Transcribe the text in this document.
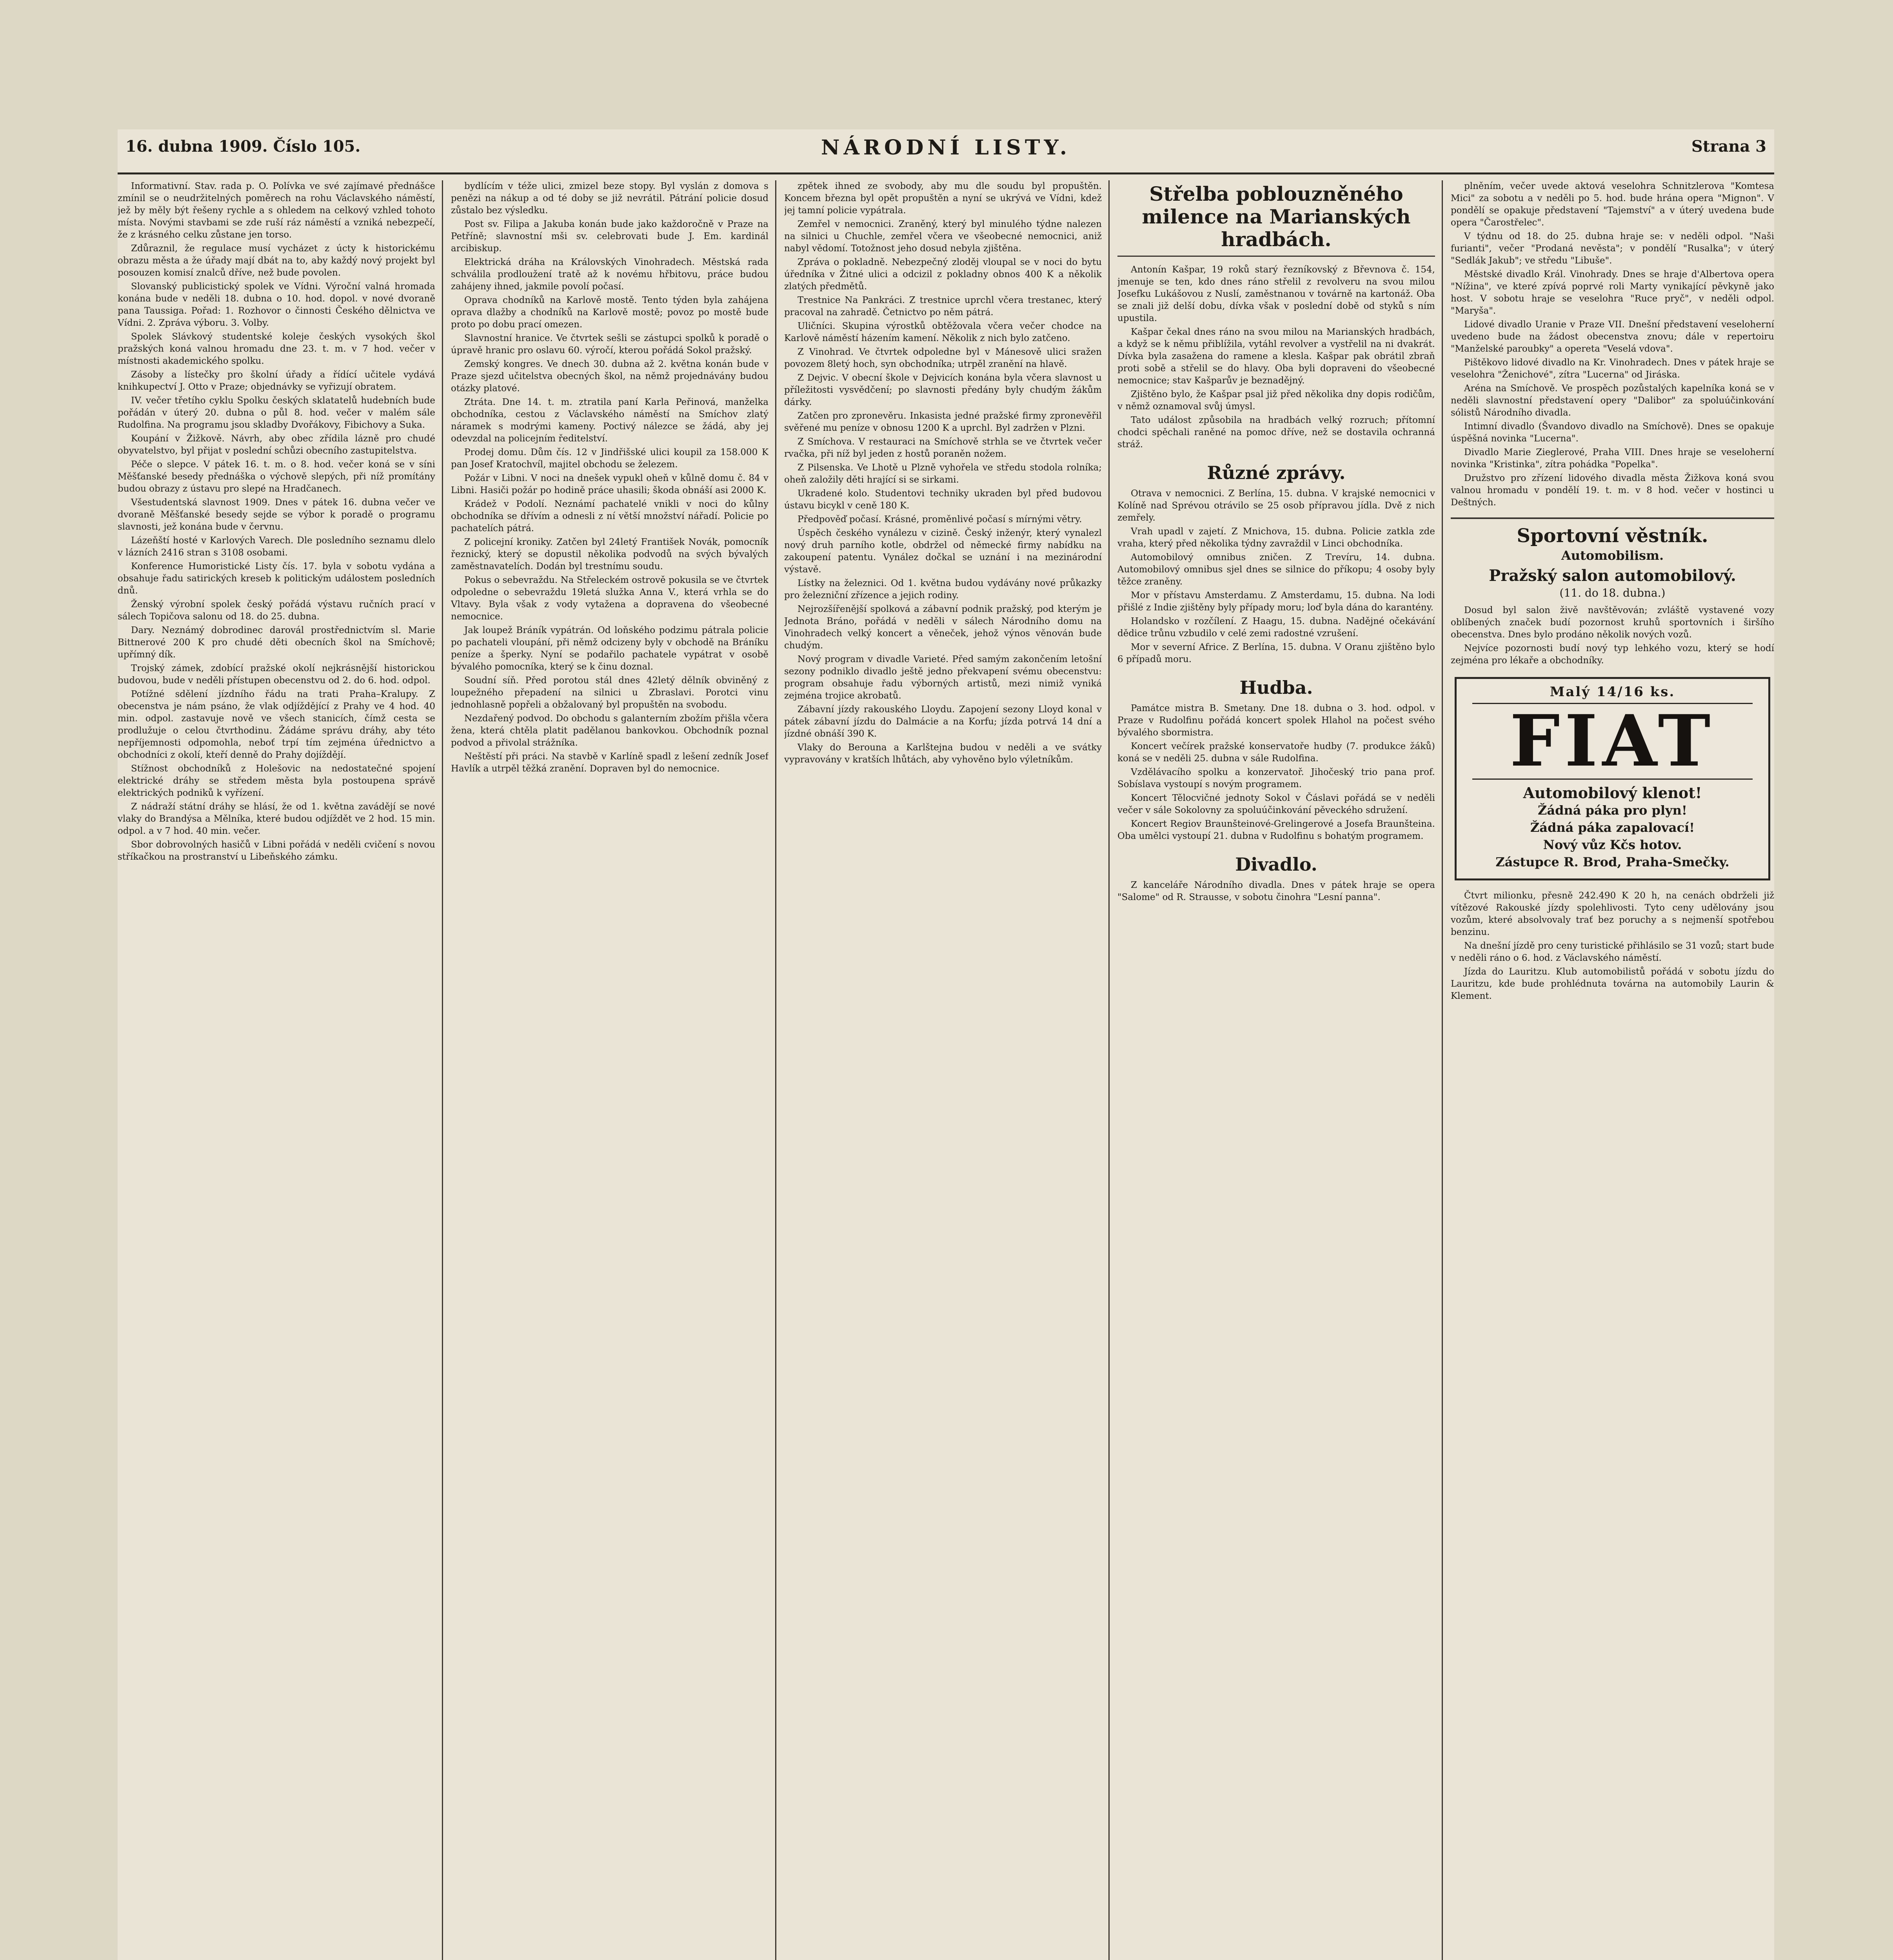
16. dubna 1909. Číslo 105.	NÁRODNÍ LISTY.	Strana 3

Informativní. Stav. rada p. O. Polívka ve své zajímavé přednášce zmínil se o neudržitelných poměrech na rohu Václavského náměstí, jež by měly být řešeny rychle a s ohledem na celkový vzhled tohoto místa. Novými stavbami se zde ruší ráz náměstí a vzniká nebezpečí, že z krásného celku zůstane jen torso.

Zdůraznil, že regulace musí vycházet z úcty k historickému obrazu města a že úřady mají dbát na to, aby každý nový projekt byl posouzen komisí znalců dříve, než bude povolen.

Slovanský publicistický spolek ve Vídni. Výroční valná hromada konána bude v neděli 18. dubna o 10. hod. dopol. v nové dvoraně pana Taussiga. Pořad: 1. Rozhovor o činnosti Českého dělnictva ve Vídni. 2. Zpráva výboru. 3. Volby.

Spolek Slávkový studentské koleje českých vysokých škol pražských koná valnou hromadu dne 23. t. m. v 7 hod. večer v místnosti akademického spolku.

Zásoby a lístečky pro školní úřady a řídící učitele vydává knihkupectví J. Otto v Praze; objednávky se vyřizují obratem.

IV. večer třetího cyklu Spolku českých sklatatelů hudebních bude pořádán v úterý 20. dubna o půl 8. hod. večer v malém sále Rudolfina. Na programu jsou skladby Dvořákovy, Fibichovy a Suka.

Koupání v Žižkově. Návrh, aby obec zřídila lázně pro chudé obyvatelstvo, byl přijat v poslední schůzi obecního zastupitelstva.

Péče o slepce. V pátek 16. t. m. o 8. hod. večer koná se v síni Měšťanské besedy přednáška o výchově slepých, při níž promítány budou obrazy z ústavu pro slepé na Hradčanech.

Všestudentská slavnost 1909. Dnes v pátek 16. dubna večer ve dvoraně Měšťanské besedy sejde se výbor k poradě o programu slavnosti, jež konána bude v červnu.

Lázeňští hosté v Karlových Varech. Dle posledního seznamu dlelo v lázních 2416 stran s 3108 osobami.

Konference Humoristické Listy čís. 17. byla v sobotu vydána a obsahuje řadu satirických kreseb k politickým událostem posledních dnů.

Ženský výrobní spolek český pořádá výstavu ručních prací v sálech Topičova salonu od 18. do 25. dubna.

Dary. Neznámý dobrodinec darovál prostřednictvím sl. Marie Bittnerové 200 K pro chudé děti obecních škol na Smíchově; upřímný dík.

Trojský zámek, zdobící pražské okolí nejkrásnější historickou budovou, bude v neděli přístupen obecenstvu od 2. do 6. hod. odpol.

Potížné sdělení jízdního řádu na trati Praha–Kralupy. Z obecenstva je nám psáno, že vlak odjíždějící z Prahy ve 4 hod. 40 min. odpol. zastavuje nově ve všech stanicích, čímž cesta se prodlužuje o celou čtvrthodinu. Žádáme správu dráhy, aby této nepříjemnosti odpomohla, neboť trpí tím zejména úřednictvo a obchodníci z okolí, kteří denně do Prahy dojíždějí.

Stížnost obchodníků z Holešovic na nedostatečné spojení elektrické dráhy se středem města byla postoupena správě elektrických podniků k vyřízení.

Z nádraží státní dráhy se hlásí, že od 1. května zavádějí se nové vlaky do Brandýsa a Mělníka, které budou odjíždět ve 2 hod. 15 min. odpol. a v 7 hod. 40 min. večer.

Sbor dobrovolných hasičů v Libni pořádá v neděli cvičení s novou stříkačkou na prostranství u Libeňského zámku.

bydlícím v téže ulici, zmizel beze stopy. Byl vyslán z domova s penězi na nákup a od té doby se již nevrátil. Pátrání policie dosud zůstalo bez výsledku.

Post sv. Filipa a Jakuba konán bude jako každoročně v Praze na Petříně; slavnostní mši sv. celebrovati bude J. Em. kardinál arcibiskup.

Elektrická dráha na Královských Vinohradech. Městská rada schválila prodloužení tratě až k novému hřbitovu, práce budou zahájeny ihned, jakmile povolí počasí.

Oprava chodníků na Karlově mostě. Tento týden byla zahájena oprava dlažby a chodníků na Karlově mostě; povoz po mostě bude proto po dobu prací omezen.

Slavnostní hranice. Ve čtvrtek sešli se zástupci spolků k poradě o úpravě hranic pro oslavu 60. výročí, kterou pořádá Sokol pražský.

Zemský kongres. Ve dnech 30. dubna až 2. května konán bude v Praze sjezd učitelstva obecných škol, na němž projednávány budou otázky platové.

Ztráta. Dne 14. t. m. ztratila paní Karla Peřinová, manželka obchodníka, cestou z Václavského náměstí na Smíchov zlatý náramek s modrými kameny. Poctivý nálezce se žádá, aby jej odevzdal na policejním ředitelství.

Prodej domu. Dům čís. 12 v Jindřišské ulici koupil za 158.000 K pan Josef Kratochvíl, majitel obchodu se železem.

Požár v Libni. V noci na dnešek vypukl oheň v kůlně domu č. 84 v Libni. Hasiči požár po hodině práce uhasili; škoda obnáší asi 2000 K.

Krádež v Podolí. Neznámí pachatelé vnikli v noci do kůlny obchodníka se dřívím a odnesli z ní větší množství nářadí. Policie po pachatelích pátrá.

Z policejní kroniky. Zatčen byl 24letý František Novák, pomocník řeznický, který se dopustil několika podvodů na svých bývalých zaměstnavatelích. Dodán byl trestnímu soudu.

Pokus o sebevraždu. Na Střeleckém ostrově pokusila se ve čtvrtek odpoledne o sebevraždu 19letá služka Anna V., která vrhla se do Vltavy. Byla však z vody vytažena a dopravena do všeobecné nemocnice.

Jak loupež Bráník vypátrán. Od loňského podzimu pátrala policie po pachateli vloupání, při němž odcizeny byly v obchodě na Bráníku peníze a šperky. Nyní se podařilo pachatele vypátrat v osobě bývalého pomocníka, který se k činu doznal.

Soudní síň. Před porotou stál dnes 42letý dělník obviněný z loupežného přepadení na silnici u Zbraslavi. Porotci vinu jednohlasně popřeli a obžalovaný byl propuštěn na svobodu.

Nezdařený podvod. Do obchodu s galanterním zbožím přišla včera žena, která chtěla platit padělanou bankovkou. Obchodník poznal podvod a přivolal strážníka.

Neštěstí při práci. Na stavbě v Karlíně spadl z lešení zedník Josef Havlík a utrpěl těžká zranění. Dopraven byl do nemocnice.

zpětek ihned ze svobody, aby mu dle soudu byl propuštěn. Koncem března byl opět propuštěn a nyní se ukrývá ve Vídni, kdež jej tamní policie vypátrala.

Zemřel v nemocnici. Zraněný, který byl minulého týdne nalezen na silnici u Chuchle, zemřel včera ve všeobecné nemocnici, aniž nabyl vědomí. Totožnost jeho dosud nebyla zjištěna.

Zpráva o pokladně. Nebezpečný zloděj vloupal se v noci do bytu úředníka v Žitné ulici a odcizil z pokladny obnos 400 K a několik zlatých předmětů.

Trestnice Na Pankráci. Z trestnice uprchl včera trestanec, který pracoval na zahradě. Četnictvo po něm pátrá.

Uličníci. Skupina výrostků obtěžovala včera večer chodce na Karlově náměstí házením kamení. Několik z nich bylo zatčeno.

Z Vinohrad. Ve čtvrtek odpoledne byl v Mánesově ulici sražen povozem 8letý hoch, syn obchodníka; utrpěl zranění na hlavě.

Z Dejvic. V obecní škole v Dejvicích konána byla včera slavnost u příležitosti vysvědčení; po slavnosti předány byly chudým žákům dárky.

Zatčen pro zpronevěru. Inkasista jedné pražské firmy zpronevěřil svěřené mu peníze v obnosu 1200 K a uprchl. Byl zadržen v Plzni.

Z Smíchova. V restauraci na Smíchově strhla se ve čtvrtek večer rvačka, při níž byl jeden z hostů poraněn nožem.

Z Pilsenska. Ve Lhotě u Plzně vyhořela ve středu stodola rolníka; oheň založily děti hrající si se sirkami.

Ukradené kolo. Studentovi techniky ukraden byl před budovou ústavu bicykl v ceně 180 K.

Předpověď počasí. Krásné, proměnlivé počasí s mírnými větry.

Úspěch českého vynálezu v cizině. Český inženýr, který vynalezl nový druh parního kotle, obdržel od německé firmy nabídku na zakoupení patentu. Vynález dočkal se uznání i na mezinárodní výstavě.

Lístky na železnici. Od 1. května budou vydávány nové průkazky pro železniční zřízence a jejich rodiny.

Nejrozšířenější spolková a zábavní podnik pražský, pod kterým je Jednota Bráno, pořádá v neděli v sálech Národního domu na Vinohradech velký koncert a věneček, jehož výnos věnován bude chudým.

Nový program v divadle Varieté. Před samým zakončením letošní sezony podniklo divadlo ještě jedno překvapení svému obecenstvu: program obsahuje řadu výborných artistů, mezi nimiž vyniká zejména trojice akrobatů.

Zábavní jízdy rakouského Lloydu. Zapojení sezony Lloyd konal v pátek zábavní jízdu do Dalmácie a na Korfu; jízda potrvá 14 dní a jízdné obnáší 390 K.

Vlaky do Berouna a Karlštejna budou v neděli a ve svátky vypravovány v kratších lhůtách, aby vyhověno bylo výletníkům.

Střelba poblouzněného milence na Marianských hradbách.

Antonín Kašpar, 19 roků starý řezníkovský z Břevnova č. 154, jmenuje se ten, kdo dnes ráno střelil z revolveru na svou milou Josefku Lukášovou z Nuslí, zaměstnanou v továrně na kartonáž. Oba se znali již delší dobu, dívka však v poslední době od styků s ním upustila.

Kašpar čekal dnes ráno na svou milou na Marianských hradbách, a když se k němu přiblížila, vytáhl revolver a vystřelil na ni dvakrát. Dívka byla zasažena do ramene a klesla. Kašpar pak obrátil zbraň proti sobě a střelil se do hlavy. Oba byli dopraveni do všeobecné nemocnice; stav Kašparův je beznadějný.

Zjištěno bylo, že Kašpar psal již před několika dny dopis rodičům, v němž oznamoval svůj úmysl.

Tato událost způsobila na hradbách velký rozruch; přítomní chodci spěchali raněné na pomoc dříve, než se dostavila ochranná stráž.

Různé zprávy.

Otrava v nemocnici. Z Berlína, 15. dubna. V krajské nemocnici v Kolíně nad Sprévou otrávilo se 25 osob přípravou jídla. Dvě z nich zemřely.

Vrah upadl v zajetí. Z Mnichova, 15. dubna. Policie zatkla zde vraha, který před několika týdny zavraždil v Linci obchodníka.

Automobilový omnibus zničen. Z Trevíru, 14. dubna. Automobilový omnibus sjel dnes se silnice do příkopu; 4 osoby byly těžce zraněny.

Mor v přístavu Amsterdamu. Z Amsterdamu, 15. dubna. Na lodi přišlé z Indie zjištěny byly případy moru; loď byla dána do karantény.

Holandsko v rozčílení. Z Haagu, 15. dubna. Nadějné očekávání dědice trůnu vzbudilo v celé zemi radostné vzrušení.

Mor v severní Africe. Z Berlína, 15. dubna. V Oranu zjištěno bylo 6 případů moru.

Hudba.

Památce mistra B. Smetany. Dne 18. dubna o 3. hod. odpol. v Praze v Rudolfinu pořádá koncert spolek Hlahol na počest svého bývalého sbormistra.

Koncert večírek pražské konservatoře hudby (7. produkce žáků) koná se v neděli 25. dubna v sále Rudolfina.

Vzdělávacího spolku a konzervatoř. Jihočeský trio pana prof. Sobíslava vystoupí s novým programem.

Koncert Tělocvičné jednoty Sokol v Čáslavi pořádá se v neděli večer v sále Sokolovny za spoluúčinkování pěveckého sdružení.

Koncert Regiov Braunšteinové-Grelingerové a Josefa Braunšteina. Oba umělci vystoupí 21. dubna v Rudolfinu s bohatým programem.

Divadlo.

Z kanceláře Národního divadla. Dnes v pátek hraje se opera "Salome" od R. Strausse, v sobotu činohra "Lesní panna".

plněním, večer uvede aktová veselohra Schnitzlerova "Komtesa Mici" za sobotu a v neděli po 5. hod. bude hrána opera "Mignon". V pondělí se opakuje představení "Tajemství" a v úterý uvedena bude opera "Čarostřelec".

V týdnu od 18. do 25. dubna hraje se: v neděli odpol. "Naši furianti", večer "Prodaná nevěsta"; v pondělí "Rusalka"; v úterý "Sedlák Jakub"; ve středu "Libuše".

Městské divadlo Král. Vinohrady. Dnes se hraje d'Albertova opera "Nížina", ve které zpívá poprvé roli Marty vynikající pěvkyně jako host. V sobotu hraje se veselohra "Ruce pryč", v neděli odpol. "Maryša".

Lidové divadlo Uranie v Praze VII. Dnešní představení veseloherní uvedeno bude na žádost obecenstva znovu; dále v repertoiru "Manželské paroubky" a opereta "Veselá vdova".

Pištěkovo lidové divadlo na Kr. Vinohradech. Dnes v pátek hraje se veselohra "Ženichové", zítra "Lucerna" od Jiráska.

Aréna na Smíchově. Ve prospěch pozůstalých kapelníka koná se v neděli slavnostní představení opery "Dalibor" za spoluúčinkování sólistů Národního divadla.

Intimní divadlo (Švandovo divadlo na Smíchově). Dnes se opakuje úspěšná novinka "Lucerna".

Divadlo Marie Zieglerové, Praha VIII. Dnes hraje se veseloherní novinka "Kristinka", zítra pohádka "Popelka".

Družstvo pro zřízení lidového divadla města Žižkova koná svou valnou hromadu v pondělí 19. t. m. v 8 hod. večer v hostinci u Deštných.

Sportovní věstník.
Automobilism.
Pražský salon automobilový.
(11. do 18. dubna.)

Dosud byl salon živě navštěvován; zvláště vystavené vozy oblíbených značek budí pozornost kruhů sportovních i širšího obecenstva. Dnes bylo prodáno několik nových vozů.

Nejvíce pozornosti budí nový typ lehkého vozu, který se hodí zejména pro lékaře a obchodníky.

Malý 14/16 ks.
FIAT
Automobilový klenot!
Žádná páka pro plyn!
Žádná páka zapalovací!
Nový vůz Kčs hotov.
Zástupce R. Brod, Praha-Smečky.

Čtvrt milionku, přesně 242.490 K 20 h, na cenách obdrželi již vítězové Rakouské jízdy spolehlivosti. Tyto ceny udělovány jsou vozům, které absolvovaly trať bez poruchy a s nejmenší spotřebou benzinu.

Na dnešní jízdě pro ceny turistické přihlásilo se 31 vozů; start bude v neděli ráno o 6. hod. z Václavského náměstí.

Jízda do Lauritzu. Klub automobilistů pořádá v sobotu jízdu do Lauritzu, kde bude prohlédnuta továrna na automobily Laurin & Klement.
